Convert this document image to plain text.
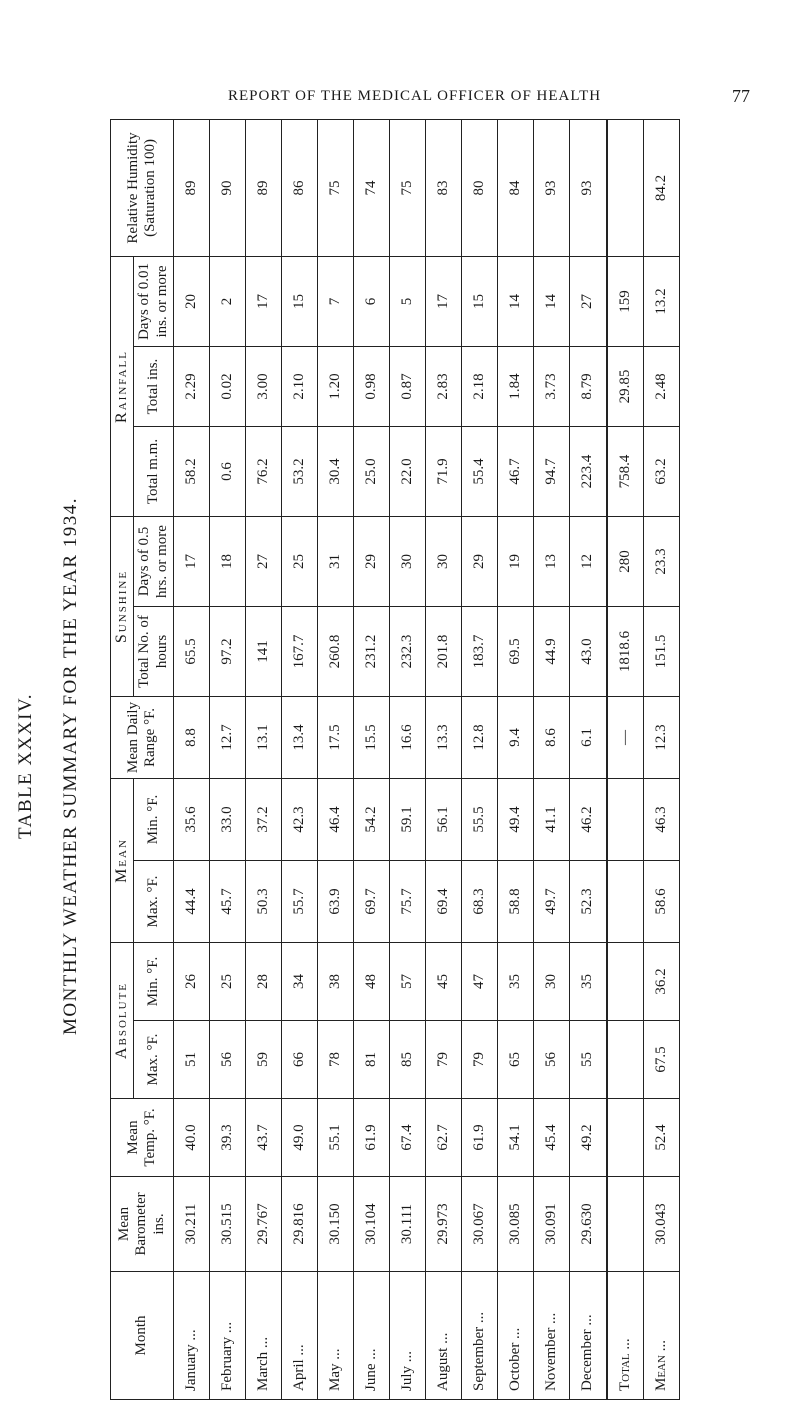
REPORT OF THE MEDICAL OFFICER OF HEALTH	77
TABLE XXXIV. MONTHLY WEATHER SUMMARY FOR THE YEAR 1934.
Month	Mean Barometer ins.	Mean Temp. °F.	Absolute		Mean		Mean Daily Range °F.	Sunshine		Rainfall			Relative Humidity (Saturation 100)
			Max. °F.	Min. °F.	Max. °F.	Min. °F.		Total No. of hours	Days of 0.5 hrs. or more	Total m.m.	Total ins.	Days of 0.01 ins. or more	
January ...	30.211	40.0	51	26	44.4	35.6	8.8	65.5	17	58.2	2.29	20	89
February ...	30.515	39.3	56	25	45.7	33.0	12.7	97.2	18	0.6	0.02	2	90
March ...	29.767	43.7	59	28	50.3	37.2	13.1	141	27	76.2	3.00	17	89
April ...	29.816	49.0	66	34	55.7	42.3	13.4	167.7	25	53.2	2.10	15	86
May ...	30.150	55.1	78	38	63.9	46.4	17.5	260.8	31	30.4	1.20	7	75
June ...	30.104	61.9	81	48	69.7	54.2	15.5	231.2	29	25.0	0.98	6	74
July ...	30.111	67.4	85	57	75.7	59.1	16.6	232.3	30	22.0	0.87	5	75
August ...	29.973	62.7	79	45	69.4	56.1	13.3	201.8	30	71.9	2.83	17	83
September ...	30.067	61.9	79	47	68.3	55.5	12.8	183.7	29	55.4	2.18	15	80
October ...	30.085	54.1	65	35	58.8	49.4	9.4	69.5	19	46.7	1.84	14	84
November ...	30.091	45.4	56	30	49.7	41.1	8.6	44.9	13	94.7	3.73	14	93
December ...	29.630	49.2	55	35	52.3	46.2	6.1	43.0	12	223.4	8.79	27	93
Total ...							—	1818.6	280	758.4	29.85	159	
Mean ...	30.043	52.4	67.5	36.2	58.6	46.3	12.3	151.5	23.3	63.2	2.48	13.2	84.2
